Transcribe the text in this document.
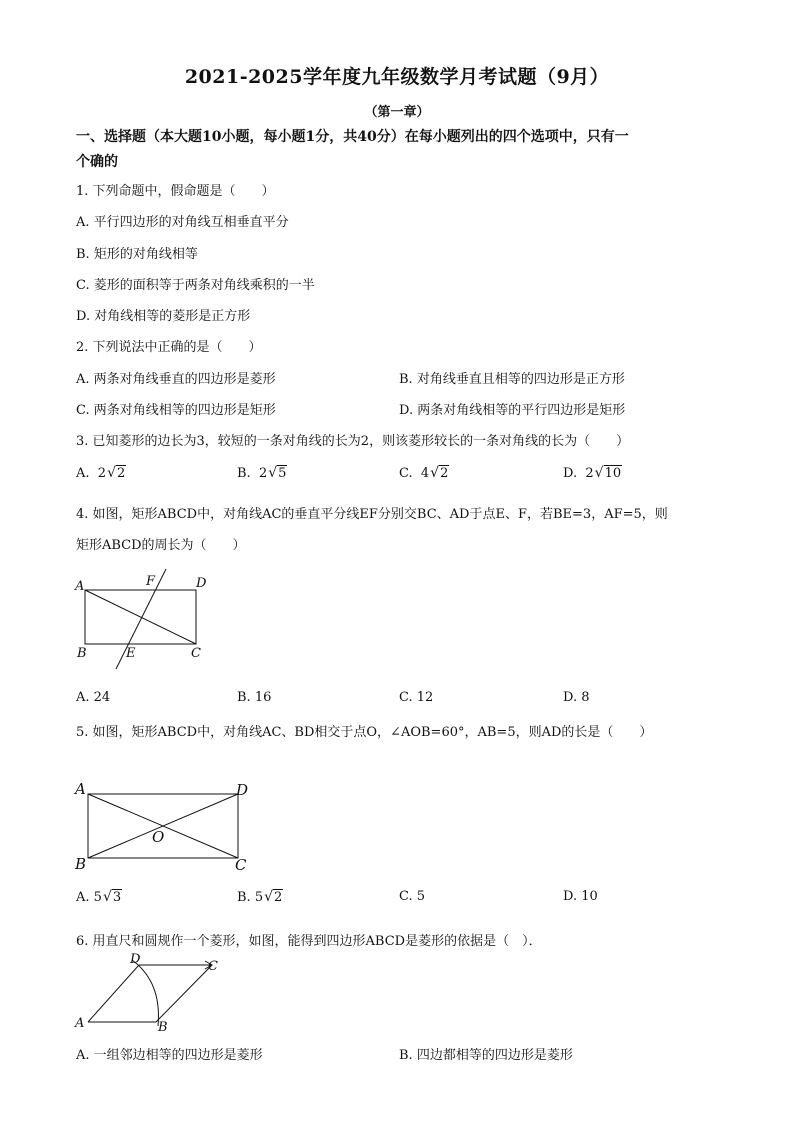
2021-2025学年度九年级数学月考试题（9月）
（第一章）
一、选择题（本大题10小题，每小题1分，共40分）在每小题列出的四个选项中，只有一
个确的
1. 下列命题中，假命题是（　　）
A. 平行四边形的对角线互相垂直平分
B. 矩形的对角线相等
C. 菱形的面积等于两条对角线乘积的一半
D. 对角线相等的菱形是正方形
2. 下列说法中正确的是（　　）
A. 两条对角线垂直的四边形是菱形	B. 对角线垂直且相等的四边形是正方形
C. 两条对角线相等的四边形是矩形	D. 两条对角线相等的平行四边形是矩形
3. 已知菱形的边长为3，较短的一条对角线的长为2，则该菱形较长的一条对角线的长为（　　）
A. 2√2	B. 2√5	C. 4√2	D. 2√10
4. 如图，矩形ABCD中，对角线AC的垂直平分线EF分别交BC、AD于点E、F，若BE=3，AF=5，则
矩形ABCD的周长为（　　）
A	F	D
B	E	C
A. 24	B. 16	C. 12	D. 8
5. 如图，矩形ABCD中，对角线AC、BD相交于点O，∠AOB=60°，AB=5，则AD的长是（　　）
A	D
B	C
O
A. 5√3	B. 5√2	C. 5	D. 10
6. 用直尺和圆规作一个菱形，如图，能得到四边形ABCD是菱形的依据是（　）．
D	C
A	B
A. 一组邻边相等的四边形是菱形	B. 四边都相等的四边形是菱形
